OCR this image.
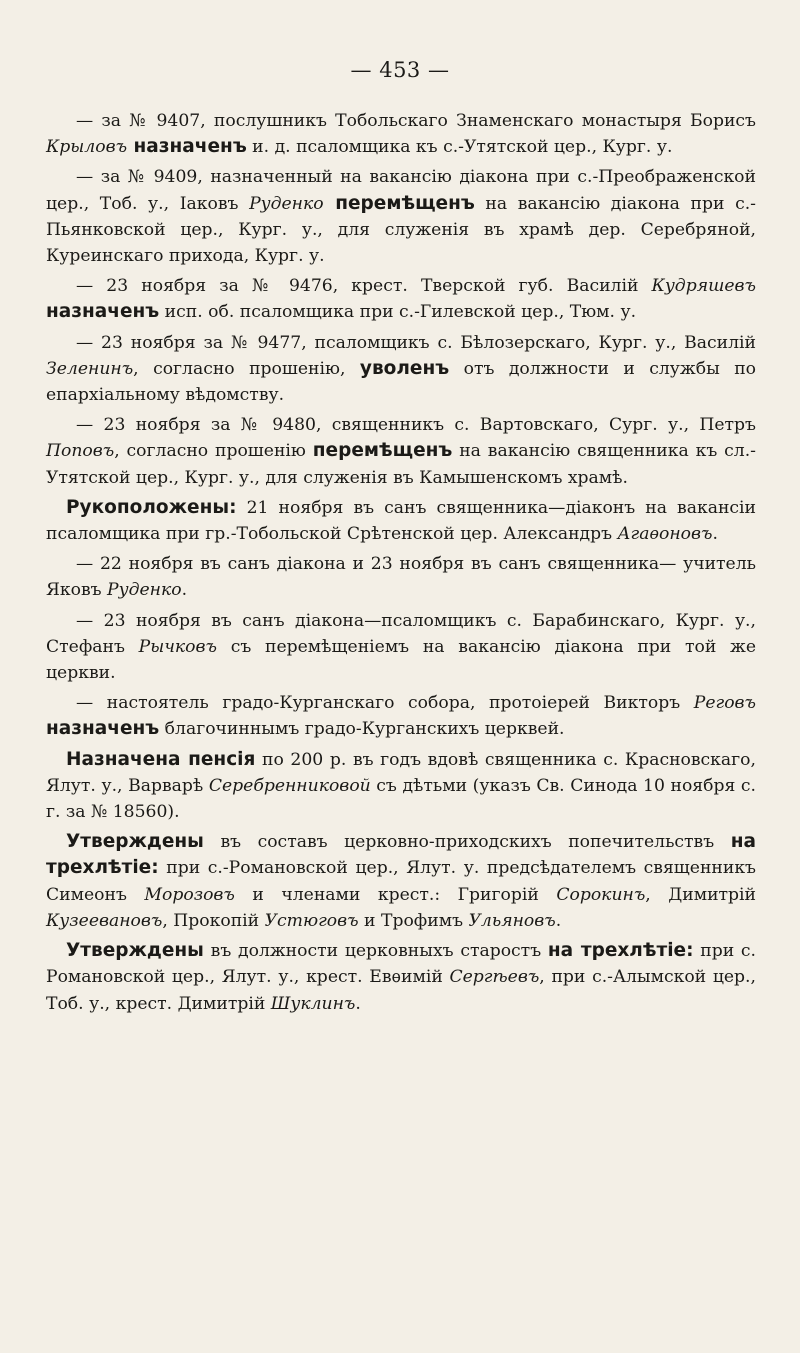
— 453 —

— за № 9407, послушникъ Тобольскаго Знаменскаго монастыря Борисъ Крыловъ назначенъ и. д. псаломщика къ с.-Утятской цер., Кург. у.

— за № 9409, назначенный на вакансію діакона при с.-Преображенской цер., Тоб. у., Іаковъ Руденко перемѣщенъ на вакансію діакона при с.-Пьянковской цер., Кург. у., для служенія въ храмѣ дер. Серебряной, Куреинскаго прихода, Кург. у.

— 23 ноября за № 9476, крест. Тверской губ. Василій Кудряшевъ назначенъ исп. об. псаломщика при с.-Гилевской цер., Тюм. у.

— 23 ноября за № 9477, псаломщикъ с. Бѣлозерскаго, Кург. у., Василій Зеленинъ, согласно прошенію, уволенъ отъ должности и службы по епархіальному вѣдомству.

— 23 ноября за № 9480, священникъ с. Вартовскаго, Сург. у., Петръ Поповъ, согласно прошенію перемѣщенъ на вакансію священника къ сл.-Утятской цер., Кург. у., для служенія въ Камышенскомъ храмѣ.

Рукоположены: 21 ноября въ санъ священника—діаконъ на вакансіи псаломщика при гр.-Тобольской Срѣтенской цер. Александръ Агаѳоновъ.

— 22 ноября въ санъ діакона и 23 ноября въ санъ священника— учитель Яковъ Руденко.

— 23 ноября въ санъ діакона—псаломщикъ с. Барабинскаго, Кург. у., Стефанъ Рычковъ съ перемѣщеніемъ на вакансію діакона при той же церкви.

— настоятель градо-Курганскаго собора, протоіерей Викторъ Реговъ назначенъ благочиннымъ градо-Курганскихъ церквей.

Назначена пенсія по 200 р. въ годъ вдовѣ священника с. Красновскаго, Ялут. у., Варварѣ Серебренниковой съ дѣтьми (указъ Св. Синода 10 ноября с. г. за № 18560).

Утверждены въ составъ церковно-приходскихъ попечительствъ на трехлѣтіе: при с.-Романовской цер., Ялут. у. предсѣдателемъ священникъ Симеонъ Морозовъ и членами крест.: Григорій Сорокинъ, Димитрій Кузеевановъ, Прокопій Устюговъ и Трофимъ Ульяновъ.

Утверждены въ должности церковныхъ старостъ на трехлѣтіе: при с. Романовской цер., Ялут. у., крест. Евѳимій Сергѣевъ, при с.-Алымской цер., Тоб. у., крест. Димитрій Шуклинъ.
